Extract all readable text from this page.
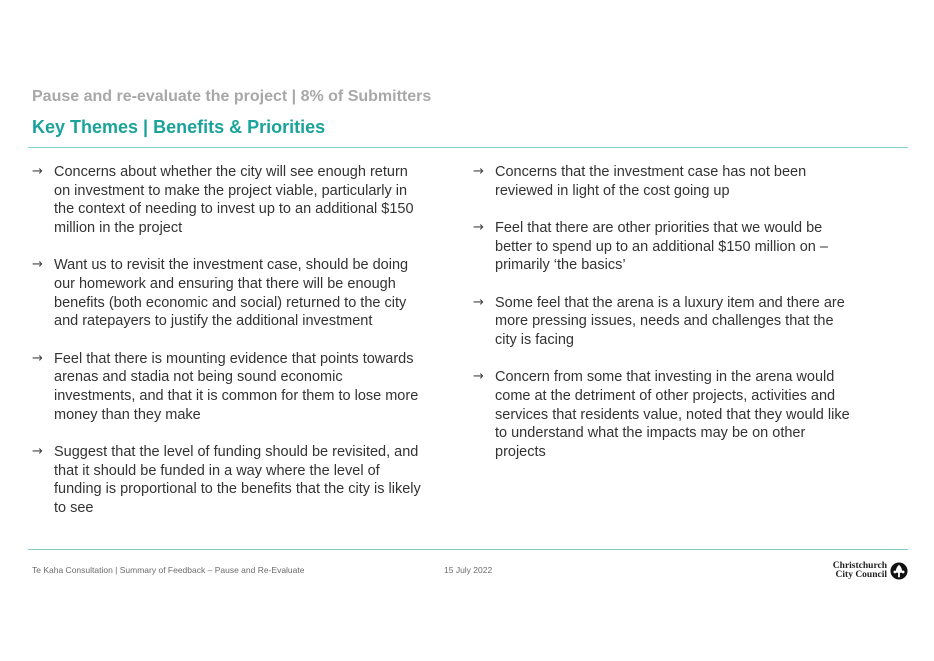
Pause and re-evaluate the project | 8% of Submitters
Key Themes | Benefits & Priorities
→ Concerns about whether the city will see enough return on investment to make the project viable, particularly in the context of needing to invest up to an additional $150 million in the project
→ Want us to revisit the investment case, should be doing our homework and ensuring that there will be enough benefits (both economic and social) returned to the city and ratepayers to justify the additional investment
→ Feel that there is mounting evidence that points towards arenas and stadia not being sound economic investments, and that it is common for them to lose more money than they make
→ Suggest that the level of funding should be revisited, and that it should be funded in a way where the level of funding is proportional to the benefits that the city is likely to see
→ Concerns that the investment case has not been reviewed in light of the cost going up
→ Feel that there are other priorities that we would be better to spend up to an additional $150 million on – primarily ‘the basics’
→ Some feel that the arena is a luxury item and there are more pressing issues, needs and challenges that the city is facing
→ Concern from some that investing in the arena would come at the detriment of other projects, activities and services that residents value, noted that they would like to understand what the impacts may be on other projects
Te Kaha Consultation | Summary of Feedback – Pause and Re-Evaluate	15 July 2022	Christchurch
City Council
